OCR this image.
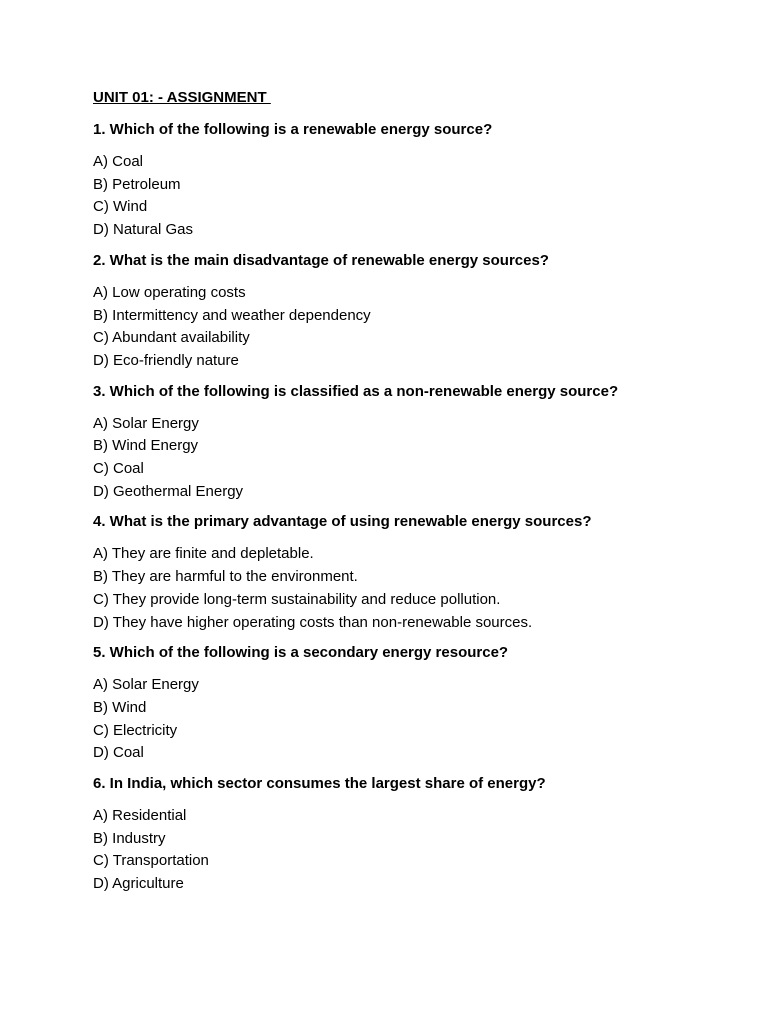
UNIT 01: - ASSIGNMENT
1. Which of the following is a renewable energy source?
A) Coal
B) Petroleum
C) Wind
D) Natural Gas
2. What is the main disadvantage of renewable energy sources?
A) Low operating costs
B) Intermittency and weather dependency
C) Abundant availability
D) Eco-friendly nature
3. Which of the following is classified as a non-renewable energy source?
A) Solar Energy
B) Wind Energy
C) Coal
D) Geothermal Energy
4. What is the primary advantage of using renewable energy sources?
A) They are finite and depletable.
B) They are harmful to the environment.
C) They provide long-term sustainability and reduce pollution.
D) They have higher operating costs than non-renewable sources.
5. Which of the following is a secondary energy resource?
A) Solar Energy
B) Wind
C) Electricity
D) Coal
6. In India, which sector consumes the largest share of energy?
A) Residential
B) Industry
C) Transportation
D) Agriculture
